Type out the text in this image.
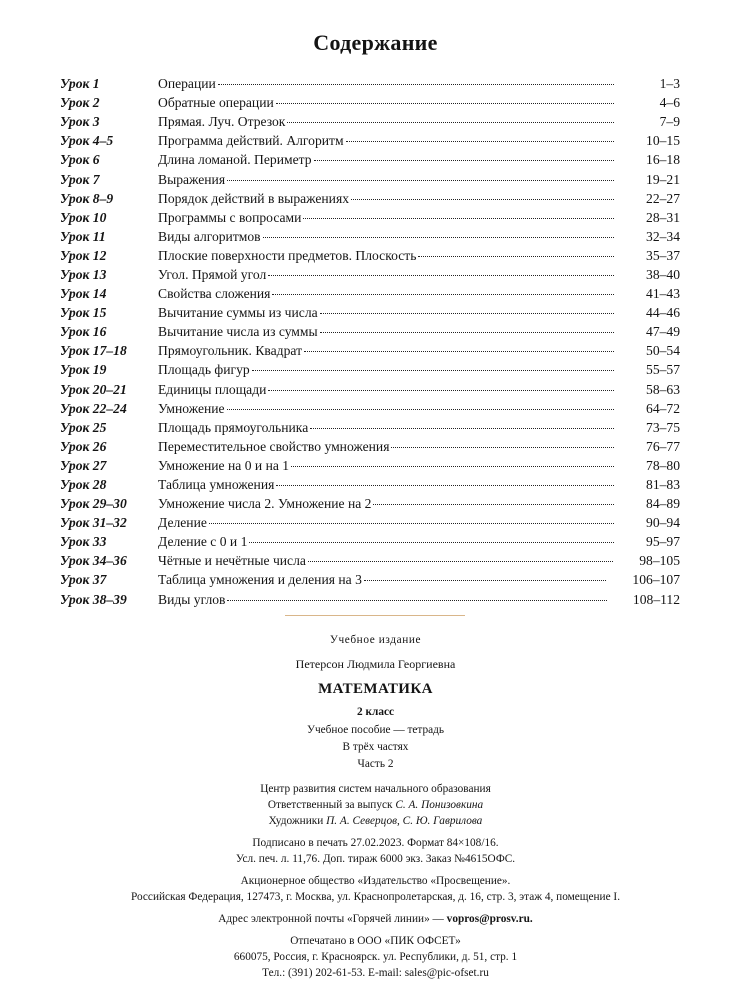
Содержание
Урок 1	Операции	1–3
Урок 2	Обратные операции	4–6
Урок 3	Прямая. Луч. Отрезок	7–9
Урок 4–5	Программа действий. Алгоритм	10–15
Урок 6	Длина ломаной. Периметр	16–18
Урок 7	Выражения	19–21
Урок 8–9	Порядок действий в выражениях	22–27
Урок 10	Программы с вопросами	28–31
Урок 11	Виды алгоритмов	32–34
Урок 12	Плоские поверхности предметов. Плоскость	35–37
Урок 13	Угол. Прямой угол	38–40
Урок 14	Свойства сложения	41–43
Урок 15	Вычитание суммы из числа	44–46
Урок 16	Вычитание числа из суммы	47–49
Урок 17–18	Прямоугольник. Квадрат	50–54
Урок 19	Площадь фигур	55–57
Урок 20–21	Единицы площади	58–63
Урок 22–24	Умножение	64–72
Урок 25	Площадь прямоугольника	73–75
Урок 26	Переместительное свойство умножения	76–77
Урок 27	Умножение на 0 и на 1	78–80
Урок 28	Таблица умножения	81–83
Урок 29–30	Умножение числа 2. Умножение на 2	84–89
Урок 31–32	Деление	90–94
Урок 33	Деление с 0 и 1	95–97
Урок 34–36	Чётные и нечётные числа	98–105
Урок 37	Таблица умножения и деления на 3	106–107
Урок 38–39	Виды углов	108–112
Учебное издание
Петерсон Людмила Георгиевна
МАТЕМАТИКА
2 класс
Учебное пособие — тетрадь
В трёх частях
Часть 2
Центр развития систем начального образования
Ответственный за выпуск С. А. Понизовкина
Художники П. А. Северцов, С. Ю. Гаврилова
Подписано в печать 27.02.2023. Формат 84×108/16.
Усл. печ. л. 11,76. Доп. тираж 6000 экз. Заказ №4615ОФС.
Акционерное общество «Издательство «Просвещение».
Российская Федерация, 127473, г. Москва, ул. Краснопролетарская, д. 16, стр. 3, этаж 4, помещение I.
Адрес электронной почты «Горячей линии» — vopros@prosv.ru.
Отпечатано в ООО «ПИК ОФСЕТ»
660075, Россия, г. Красноярск. ул. Республики, д. 51, стр. 1
Тел.: (391) 202-61-53. E-mail: sales@pic-ofset.ru
